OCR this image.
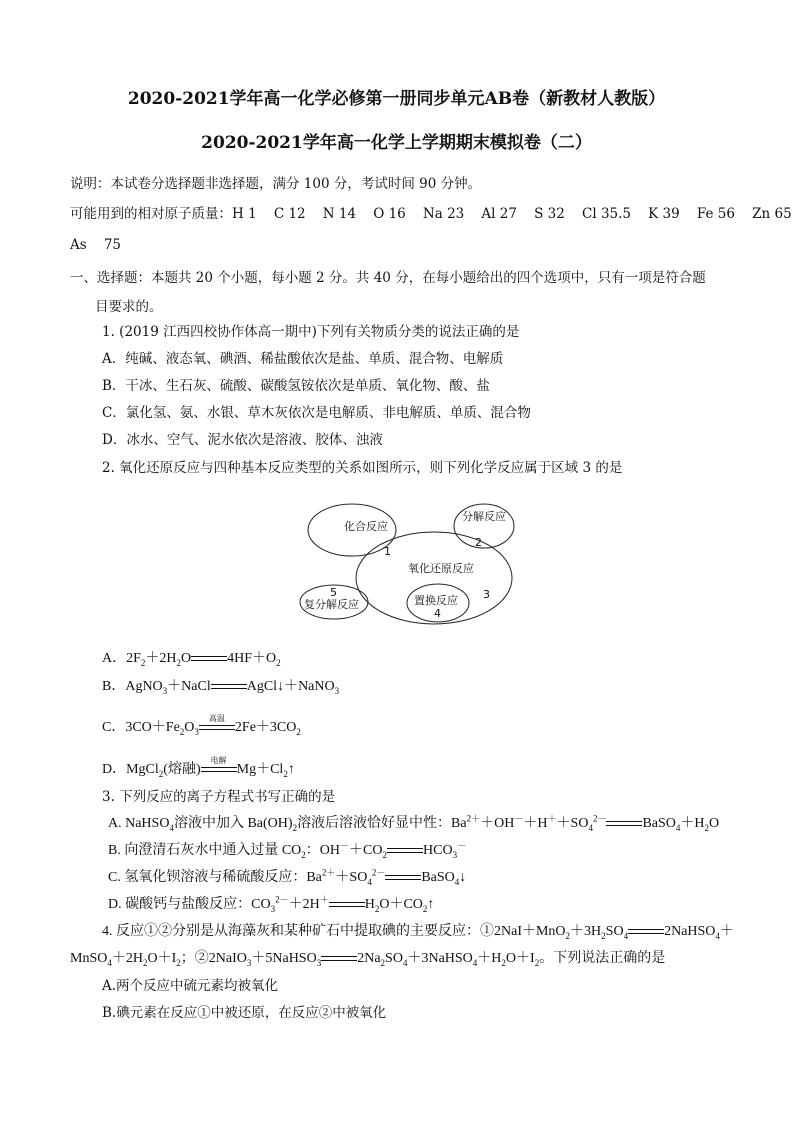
2020-2021学年高一化学必修第一册同步单元AB卷（新教材人教版）
2020-2021学年高一化学上学期期末模拟卷（二）
说明：本试卷分选择题非选择题，满分 100 分，考试时间 90 分钟。
可能用到的相对原子质量：H 1    C 12    N 14    O 16    Na 23    Al 27    S 32    Cl 35.5    K 39    Fe 56    Zn 65
As    75
一、选择题：本题共 20 个小题，每小题 2 分。共 40 分，在每小题给出的四个选项中，只有一项是符合题
目要求的。
1. (2019 江西四校协作体高一期中)下列有关物质分类的说法正确的是
A．纯碱、液态氧、碘酒、稀盐酸依次是盐、单质、混合物、电解质
B．干冰、生石灰、硫酸、碳酸氢铵依次是单质、氧化物、酸、盐
C．氯化氢、氨、水银、草木灰依次是电解质、非电解质、单质、混合物
D．冰水、空气、泥水依次是溶液、胶体、浊液
2. 氧化还原反应与四种基本反应类型的关系如图所示，则下列化学反应属于区域 3 的是
化合反应
1
分解反应
2
氧化还原反应
3
5
复分解反应	置换反应
4
A．$2F_2+2H_2O$	$4HF+O_2$
B．AgNO$_3$＋NaCl	AgCl↓＋NaNO$_3$
C．$3CO+Fe_2O_3$
高温
$2Fe+3CO_2$
D．MgCl$_2$(熔融)
电解
$Mg+Cl_2↑$
3. 下列反应的离子方程式书写正确的是
A. NaHSO$_4$溶液中加入 $Ba(OH)_2$溶液后溶液恰好显中性：$Ba^{2+}+OH^-+H^++SO_4^{2-}$	$BaSO_4+H_2O$
B. 向澄清石灰水中通入过量 $CO_2$：$OH^-+CO_2$	$HCO_3^-$
C. 氢氧化钡溶液与稀硫酸反应：$Ba^{2+}+SO_4^{2-}$	BaSO$_4$↓
D. 碳酸钙与盐酸反应：$CO_3^{2-}+2H^+$	$H_2O+CO_2↑$
4. 反应①②分别是从海藻灰和某种矿石中提取碘的主要反应：$①2NaI+MnO_2+3H_2SO_4$	2NaHSO$_4$＋
$MnSO_4+2H_2O+I_2$；②2NaIO$_3$＋5NaHSO$_3$	$2Na_2SO_4+3NaHSO_4+H_2O+I_2$。下列说法正确的是
A.两个反应中硫元素均被氧化
B.碘元素在反应①中被还原，在反应②中被氧化
